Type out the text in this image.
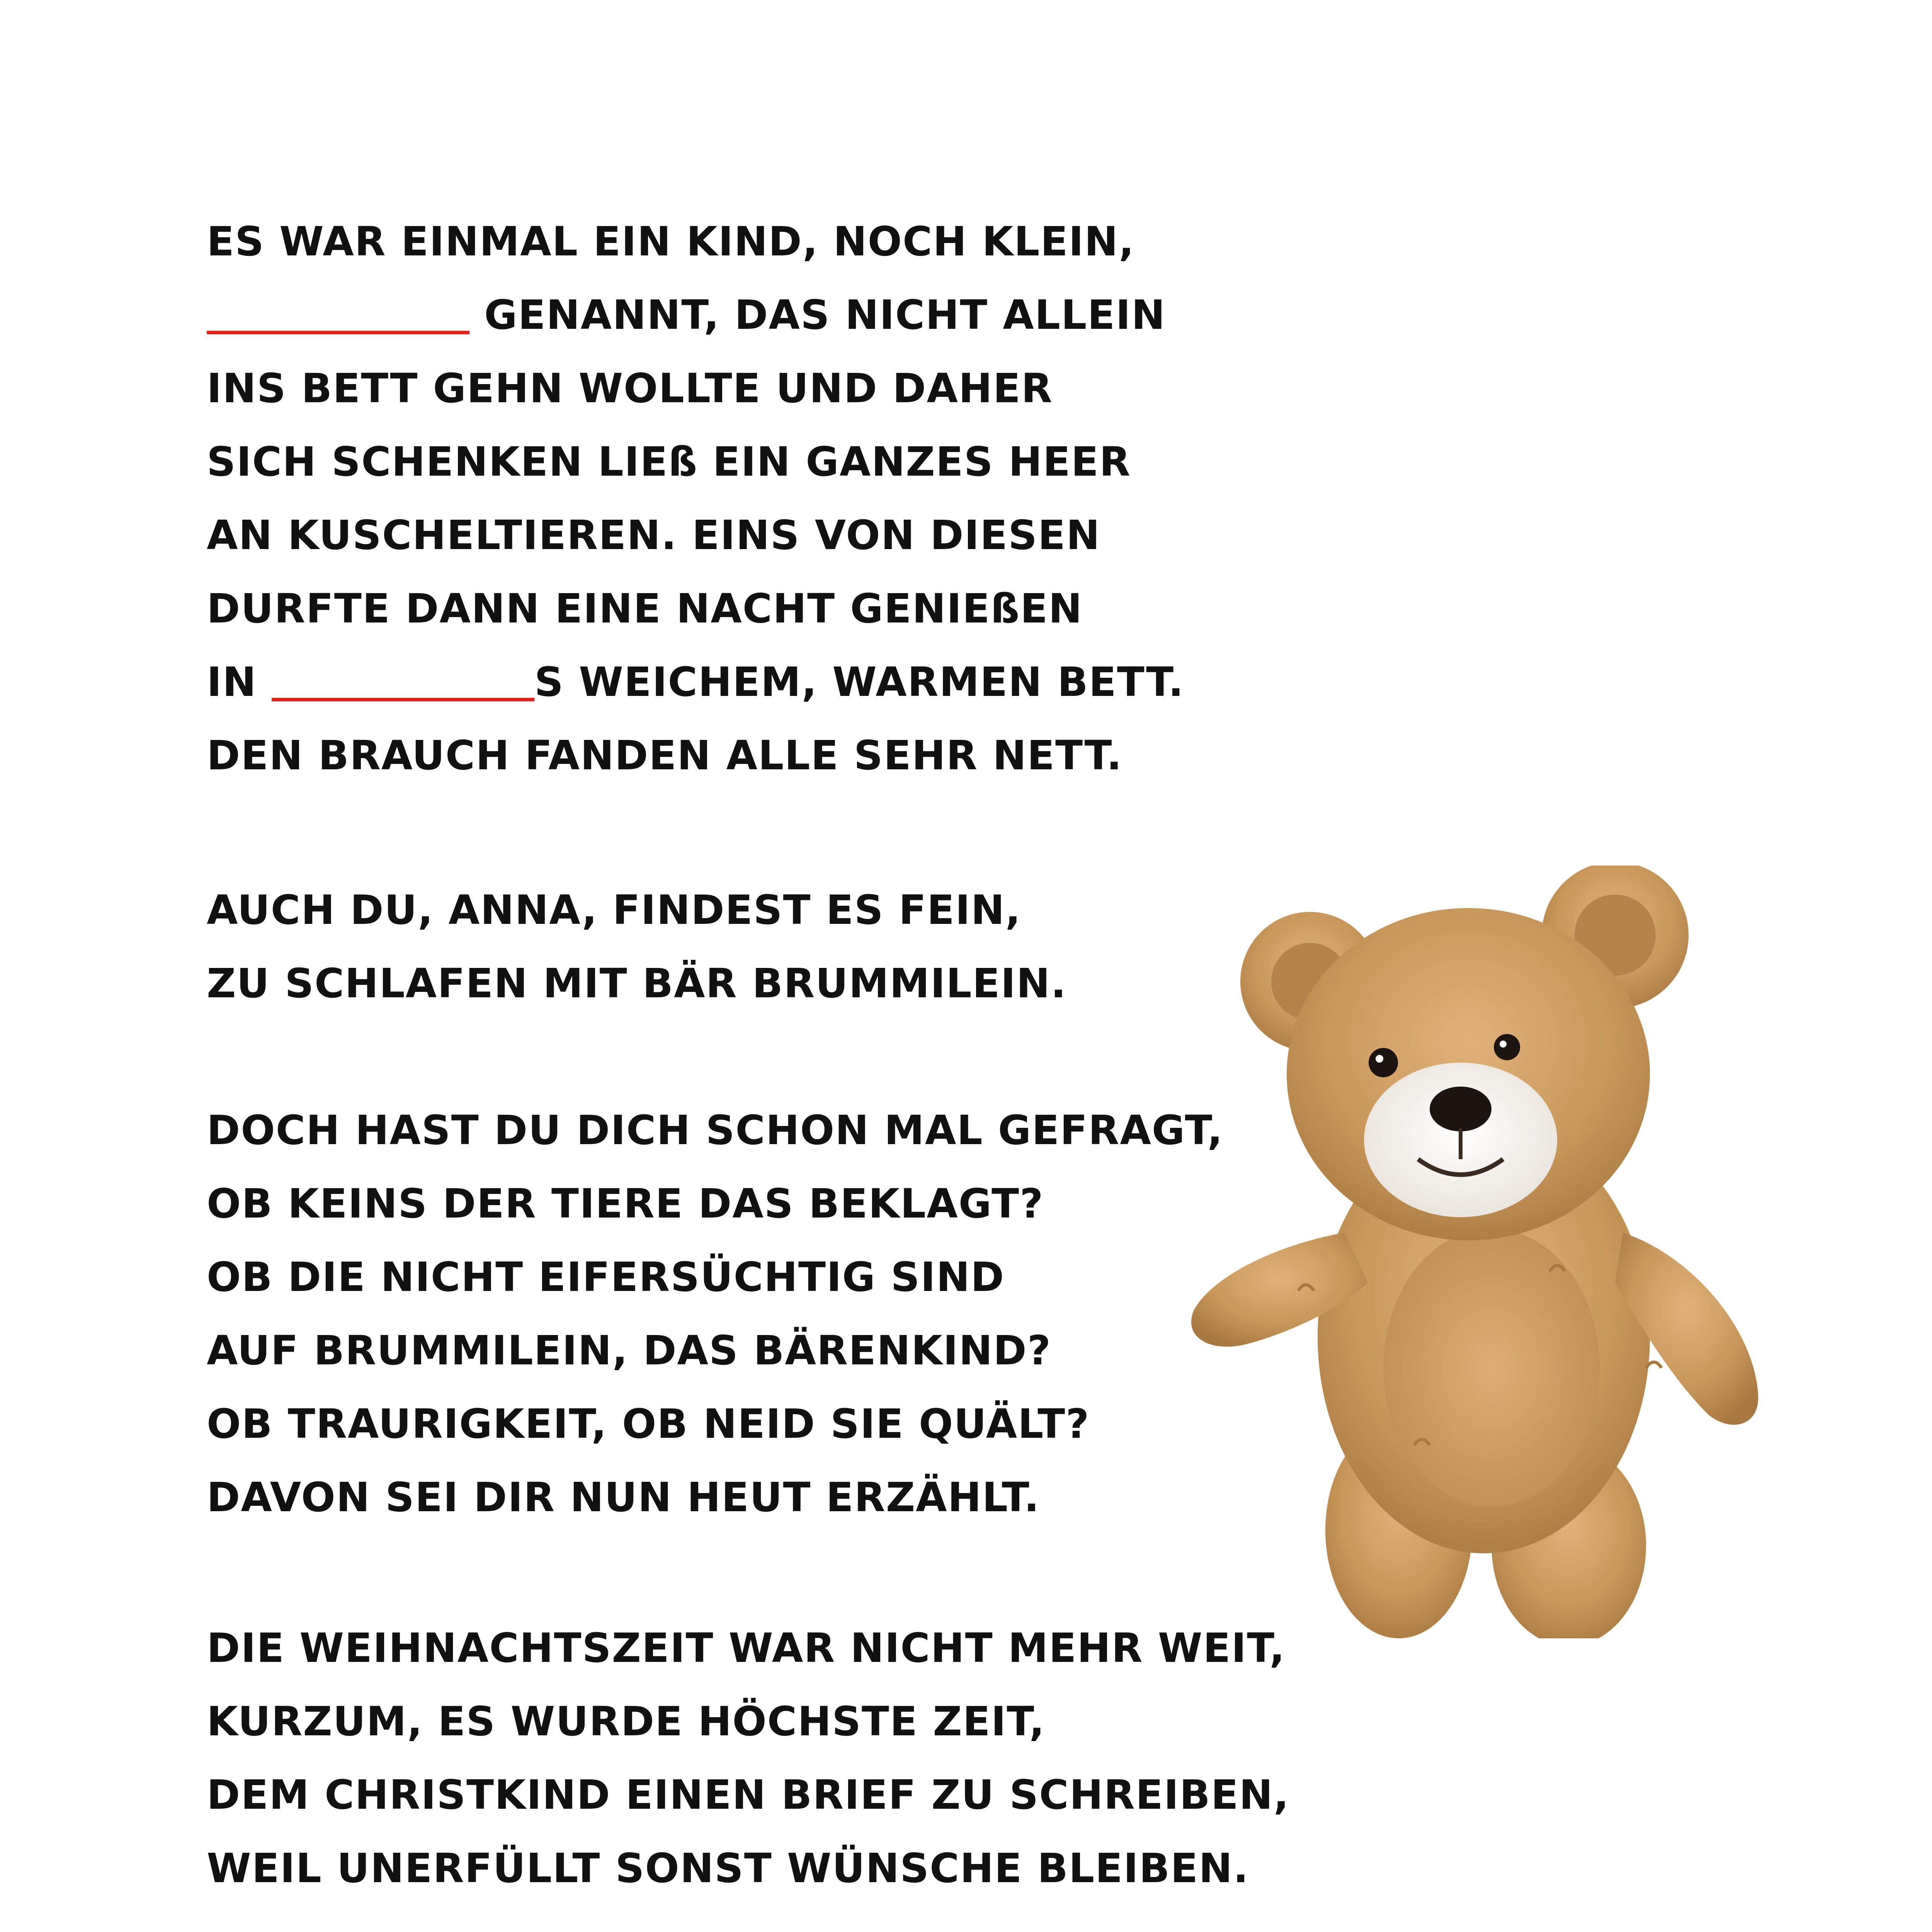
ES WAR EINMAL EIN KIND, NOCH KLEIN,
GENANNT, DAS NICHT ALLEIN
INS BETT GEHN WOLLTE UND DAHER
SICH SCHENKEN LIEß EIN GANZES HEER
AN KUSCHELTIEREN. EINS VON DIESEN
DURFTE DANN EINE NACHT GENIEßEN
IN	S WEICHEM, WARMEN BETT.
DEN BRAUCH FANDEN ALLE SEHR NETT.
AUCH DU, ANNA, FINDEST ES FEIN,
ZU SCHLAFEN MIT BÄR BRUMMILEIN.
DOCH HAST DU DICH SCHON MAL GEFRAGT,
OB KEINS DER TIERE DAS BEKLAGT?
OB DIE NICHT EIFERSÜCHTIG SIND
AUF BRUMMILEIN, DAS BÄRENKIND?
OB TRAURIGKEIT, OB NEID SIE QUÄLT?
DAVON SEI DIR NUN HEUT ERZÄHLT.
DIE WEIHNACHTSZEIT WAR NICHT MEHR WEIT,
KURZUM, ES WURDE HÖCHSTE ZEIT,
DEM CHRISTKIND EINEN BRIEF ZU SCHREIBEN,
WEIL UNERFÜLLT SONST WÜNSCHE BLEIBEN.
